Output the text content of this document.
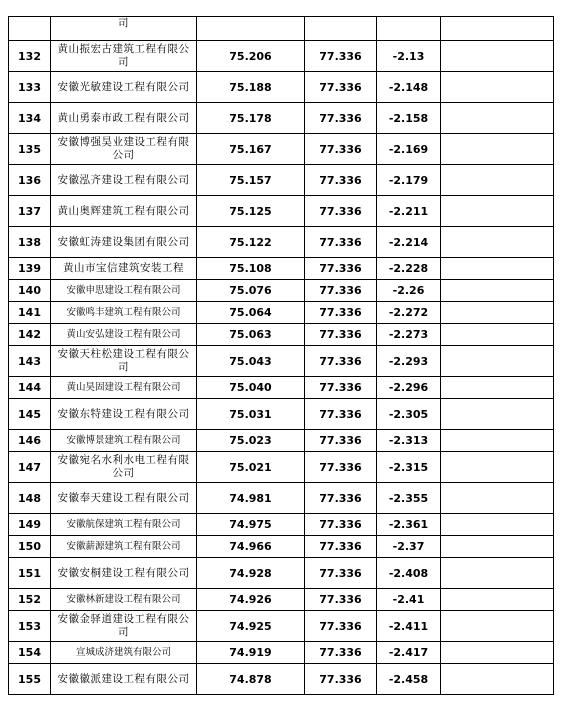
	司				
132	黄山振宏古建筑工程有限公司	75.206	77.336	-2.13	
133	安徽光敏建设工程有限公司	75.188	77.336	-2.148	
134	黄山勇泰市政工程有限公司	75.178	77.336	-2.158	
135	安徽博强昊业建设工程有限公司	75.167	77.336	-2.169	
136	安徽泓齐建设工程有限公司	75.157	77.336	-2.179	
137	黄山奥辉建筑工程有限公司	75.125	77.336	-2.211	
138	安徽虹涛建设集团有限公司	75.122	77.336	-2.214	
139	黄山市宝信建筑安装工程	75.108	77.336	-2.228	
140	安徽申思建设工程有限公司	75.076	77.336	-2.26	
141	安徽鸣丰建筑工程有限公司	75.064	77.336	-2.272	
142	黄山安弘建设工程有限公司	75.063	77.336	-2.273	
143	安徽天柱松建设工程有限公司	75.043	77.336	-2.293	
144	黄山昊固建设工程有限公司	75.040	77.336	-2.296	
145	安徽东特建设工程有限公司	75.031	77.336	-2.305	
146	安徽博景建筑工程有限公司	75.023	77.336	-2.313	
147	安徽宛名水利水电工程有限公司	75.021	77.336	-2.315	
148	安徽奉天建设工程有限公司	74.981	77.336	-2.355	
149	安徽航保建筑工程有限公司	74.975	77.336	-2.361	
150	安徽薪源建筑工程有限公司	74.966	77.336	-2.37	
151	安徽安桐建设工程有限公司	74.928	77.336	-2.408	
152	安徽林新建设工程有限公司	74.926	77.336	-2.41	
153	安徽金驿道建设工程有限公司	74.925	77.336	-2.411	
154	宣城成济建筑有限公司	74.919	77.336	-2.417	
155	安徽徽派建设工程有限公司	74.878	77.336	-2.458	
